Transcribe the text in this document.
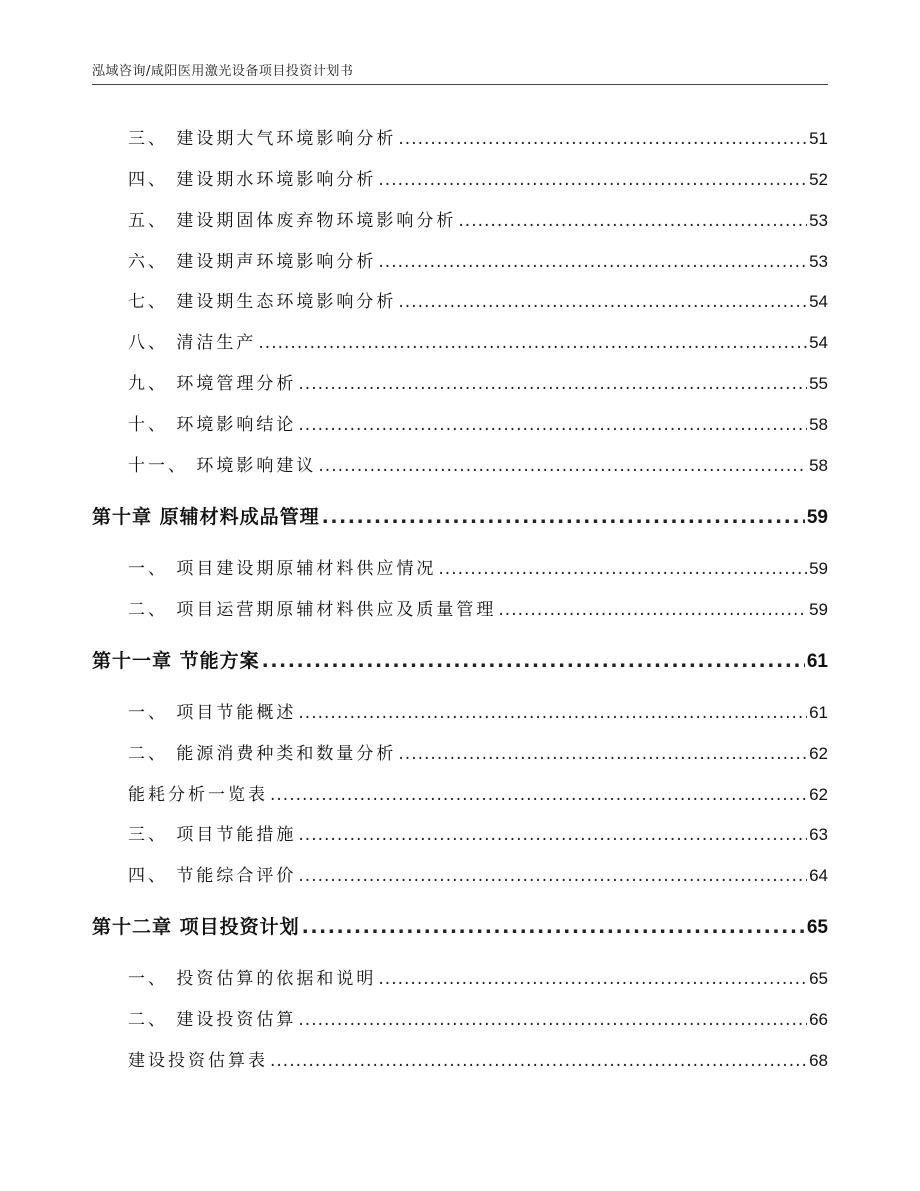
泓域咨询/咸阳医用激光设备项目投资计划书
三、 建设期大气环境影响分析 .....	51
四、 建设期水环境影响分析 .....	52
五、 建设期固体废弃物环境影响分析 .....	53
六、 建设期声环境影响分析 .....	53
七、 建设期生态环境影响分析 .....	54
八、 清洁生产 .....	54
九、 环境管理分析 .....	55
十、 环境影响结论 .....	58
十一、 环境影响建议 .....	58
第十章 原辅材料成品管理 .....	59
一、 项目建设期原辅材料供应情况 .....	59
二、 项目运营期原辅材料供应及质量管理 .....	59
第十一章 节能方案 .....	61
一、 项目节能概述 .....	61
二、 能源消费种类和数量分析 .....	62
能耗分析一览表 .....	62
三、 项目节能措施 .....	63
四、 节能综合评价 .....	64
第十二章 项目投资计划 .....	65
一、 投资估算的依据和说明 .....	65
二、 建设投资估算 .....	66
建设投资估算表 .....	68
